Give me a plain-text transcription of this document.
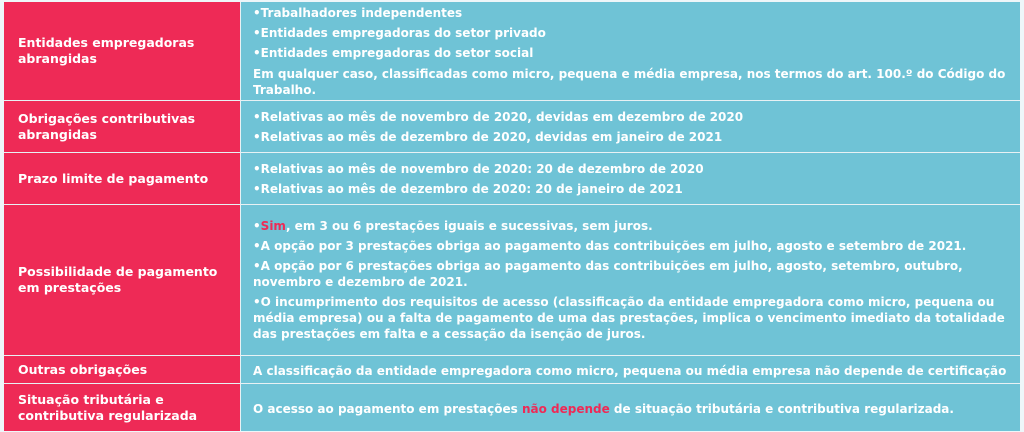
Entidades empregadoras abrangidas
• Trabalhadores independentes
• Entidades empregadoras do setor privado
• Entidades empregadoras do setor social
Em qualquer caso, classificadas como micro, pequena e média empresa, nos termos do art. 100.º do Código do Trabalho.
Obrigações contributivas abrangidas
• Relativas ao mês de novembro de 2020, devidas em dezembro de 2020
• Relativas ao mês de dezembro de 2020, devidas em janeiro de 2021
Prazo limite de pagamento
• Relativas ao mês de novembro de 2020: 20 de dezembro de 2020
• Relativas ao mês de dezembro de 2020: 20 de janeiro de 2021
Possibilidade de pagamento
em prestações
• Sim, em 3 ou 6 prestações iguais e sucessivas, sem juros.
• A opção por 3 prestações obriga ao pagamento das contribuições em julho, agosto e setembro de 2021.
• A opção por 6 prestações obriga ao pagamento das contribuições em julho, agosto, setembro, outubro, novembro e dezembro de 2021.
• O incumprimento dos requisitos de acesso (classificação da entidade empregadora como micro, pequena ou média empresa) ou a falta de pagamento de uma das prestações, implica o vencimento imediato da totalidade das prestações em falta e a cessação da isenção de juros.
Outras obrigações	A classificação da entidade empregadora como micro, pequena ou média empresa não depende de certificação
Situação tributária e contributiva regularizada	O acesso ao pagamento em prestações não depende de situação tributária e contributiva regularizada.
